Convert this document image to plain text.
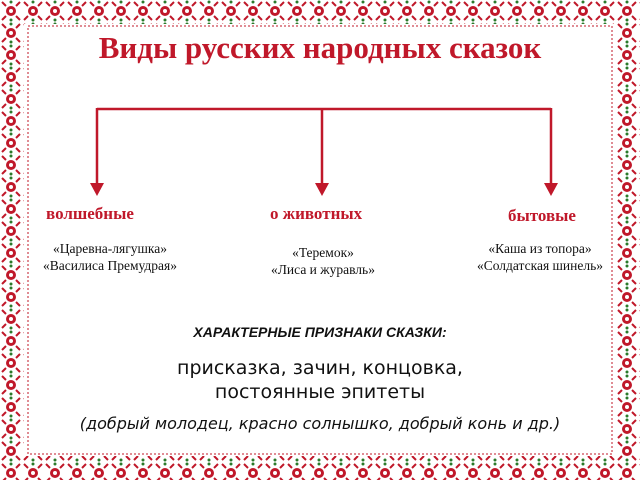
Виды русских народных сказок
волшебные	о животных	бытовые
«Царевна-лягушка»
«Василиса Премудрая»
«Теремок»
«Лиса и журавль»
«Каша из топора»
«Солдатская шинель»
ХАРАКТЕРНЫЕ ПРИЗНАКИ СКАЗКИ:
присказка, зачин, концовка,
постоянные эпитеты
(добрый молодец, красно солнышко, добрый конь и др.)
